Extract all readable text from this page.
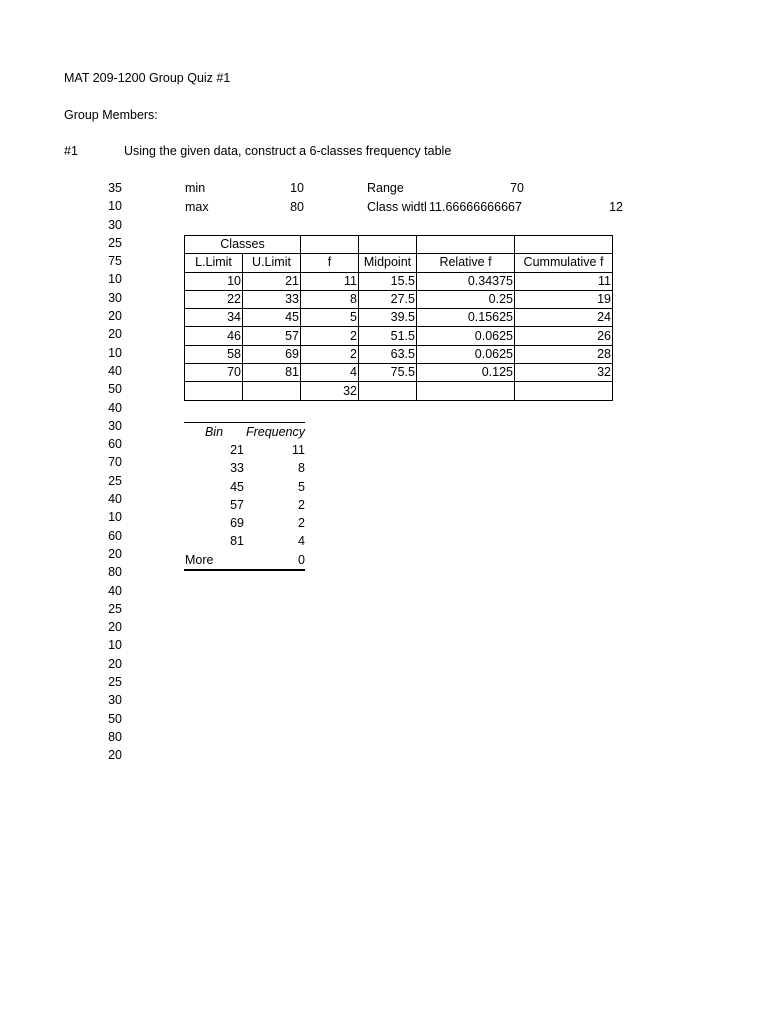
MAT 209-1200 Group Quiz #1
Group Members:
#1	Using the given data, construct a 6-classes frequency table
35
10
30
25
75
10
30
20
20
10
40
50
40
30
60
70
25
40
10
60
20
80
40
25
20
10
20
25
30
50
80
20
min	10
max	80
Range	70
Class widtl 11.66666666667	12
Classes					
L.Limit	U.Limit	f	Midpoint	Relative f	Cummulative f
10	21	11	15.5	0.34375	11
22	33	8	27.5	0.25	19
34	45	5	39.5	0.15625	24
46	57	2	51.5	0.0625	26
58	69	2	63.5	0.0625	28
70	81	4	75.5	0.125	32
		32			
Bin	Frequency
21	11
33	8
45	5
57	2
69	2
81	4
More	0
